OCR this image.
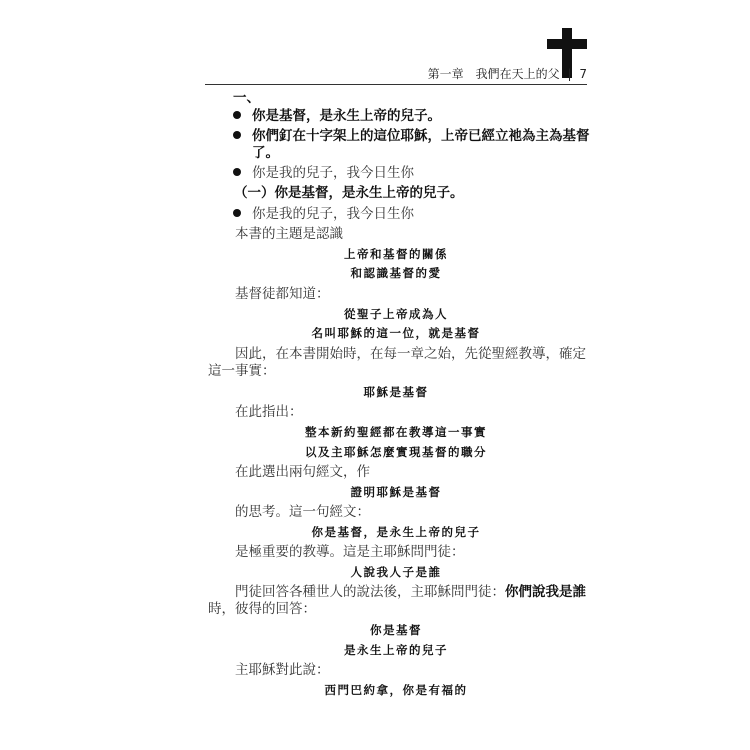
第一章　我們在天上的父 | 7
一、
你是基督，是永生上帝的兒子。
你們釘在十字架上的這位耶穌，上帝已經立祂為主為基督
了。
你是我的兒子，我今日生你
（一）你是基督，是永生上帝的兒子。
你是我的兒子，我今日生你
本書的主題是認識
上帝和基督的關係
和認識基督的愛
基督徒都知道：
從聖子上帝成為人
名叫耶穌的這一位，就是基督
因此，在本書開始時，在每一章之始，先從聖經教導，確定
這一事實：
耶穌是基督
在此指出：
整本新約聖經都在教導這一事實
以及主耶穌怎麼實現基督的職分
在此選出兩句經文，作
證明耶穌是基督
的思考。這一句經文：
你是基督，是永生上帝的兒子
是極重要的教導。這是主耶穌問門徒：
人說我人子是誰
門徒回答各種世人的說法後，主耶穌問門徒：你們說我是誰
時，彼得的回答：
你是基督
是永生上帝的兒子
主耶穌對此說：
西門巴約拿，你是有福的
